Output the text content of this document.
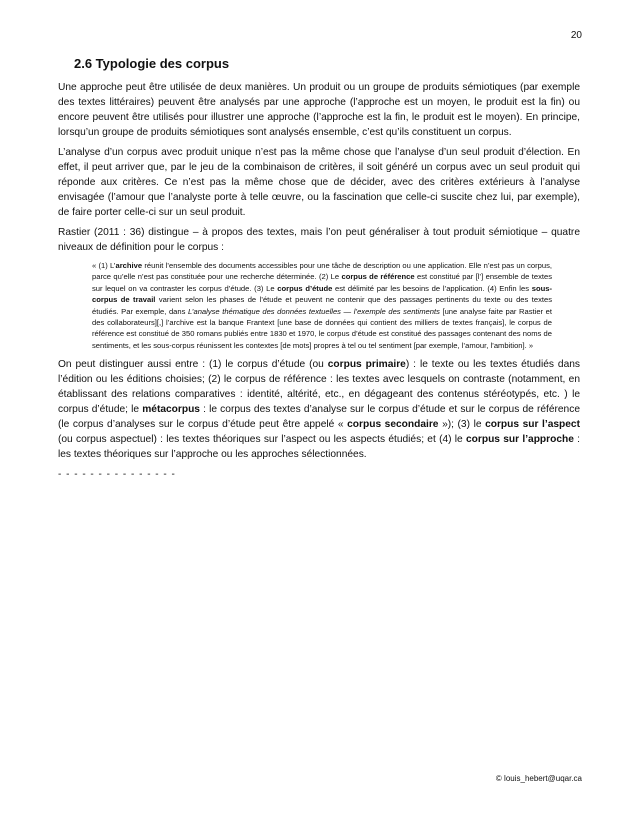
20
2.6 Typologie des corpus

Une approche peut être utilisée de deux manières. Un produit ou un groupe de produits sémiotiques (par exemple des textes littéraires) peuvent être analysés par une approche (l’approche est un moyen, le produit est la fin) ou encore peuvent être utilisés pour illustrer une approche (l’approche est la fin, le produit est le moyen). En principe, lorsqu’un groupe de produits sémiotiques sont analysés ensemble, c’est qu’ils constituent un corpus.

L’analyse d’un corpus avec produit unique n’est pas la même chose que l’analyse d’un seul produit d’élection. En effet, il peut arriver que, par le jeu de la combinaison de critères, il soit généré un corpus avec un seul produit qui réponde aux critères. Ce n’est pas la même chose que de décider, avec des critères extérieurs à l’analyse envisagée (l’amour que l’analyste porte à telle œuvre, ou la fascination que celle-ci suscite chez lui, par exemple), de faire porter celle-ci sur un seul produit.

Rastier (2011 : 36) distingue – à propos des textes, mais l’on peut généraliser à tout produit sémiotique – quatre niveaux de définition pour le corpus :

« (1) L’archive réunit l’ensemble des documents accessibles pour une tâche de description ou une application. Elle n’est pas un corpus, parce qu’elle n’est pas constituée pour une recherche déterminée. (2) Le corpus de référence est constitué par [l’] ensemble de textes sur lequel on va contraster les corpus d’étude. (3) Le corpus d’étude est délimité par les besoins de l’application. (4) Enfin les sous-corpus de travail varient selon les phases de l’étude et peuvent ne contenir que des passages pertinents du texte ou des textes étudiés. Par exemple, dans L’analyse thématique des données textuelles — l’exemple des sentiments [une analyse faite par Rastier et des collaborateurs][,] l’archive est la banque Frantext [une base de données qui contient des milliers de textes français], le corpus de référence est constitué de 350 romans publiés entre 1830 et 1970, le corpus d’étude est constitué des passages contenant des noms de sentiments, et les sous-corpus réunissent les contextes [de mots] propres à tel ou tel sentiment [par exemple, l’amour, l’ambition]. »

On peut distinguer aussi entre : (1) le corpus d’étude (ou corpus primaire) : le texte ou les textes étudiés dans l’édition ou les éditions choisies; (2) le corpus de référence : les textes avec lesquels on contraste (notamment, en établissant des relations comparatives : identité, altérité, etc., en dégageant des contenus stéréotypés, etc. ) le corpus d’étude; le métacorpus : le corpus des textes d’analyse sur le corpus d’étude et sur le corpus de référence (le corpus d’analyses sur le corpus d’étude peut être appelé « corpus secondaire »); (3) le corpus sur l’aspect (ou corpus aspectuel) : les textes théoriques sur l’aspect ou les aspects étudiés; et (4) le corpus sur l’approche : les textes théoriques sur l’approche ou les approches sélectionnées.

- - - - - - - - - - - - - - -
© louis_hebert@uqar.ca
